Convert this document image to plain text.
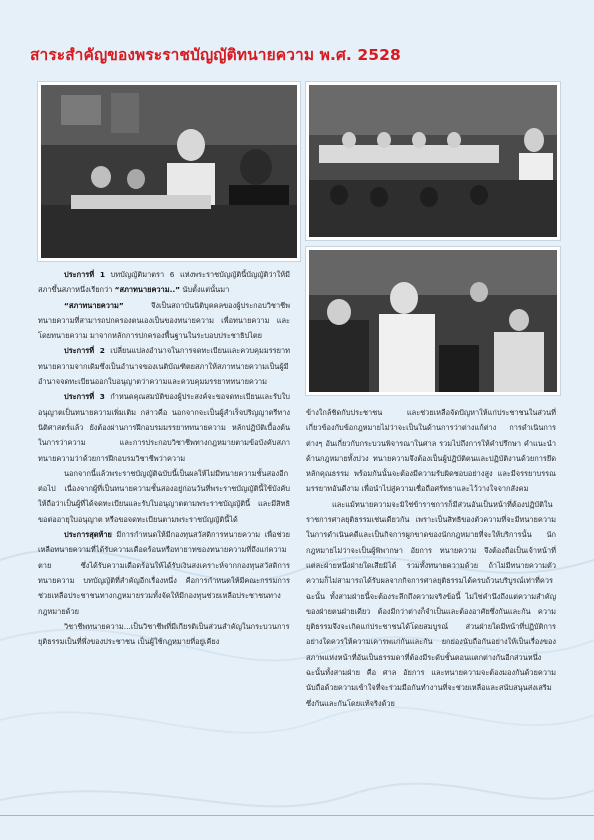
สาระสำคัญของพระราชบัญญัติทนายความ พ.ศ. 2528

ประการที่ 1 บทบัญญัติมาตรา 6 แห่งพระราชบัญญัตินี้บัญญัติว่าให้มีสภาขึ้นสภาหนึ่งเรียกว่า “สภาทนายความ..” นับตั้งแต่นั้นมา

“สภาทนายความ” จึงเป็นสถาบันนิติบุคคลของผู้ประกอบวิชาชีพทนายความที่สามารถปกครองตนเองเป็นของทนายความ เพื่อทนายความ และโดยทนายความ มาจากหลักการปกครองพื้นฐานในระบอบประชาธิปไตย

ประการที่ 2 เปลี่ยนแปลงอำนาจในการจดทะเบียนและควบคุมมรรยาททนายความจากเดิมซึ่งเป็นอำนาจของเนติบัณฑิตยสภาให้สภาทนายความเป็นผู้มีอำนาจจดทะเบียนออกใบอนุญาตว่าความและควบคุมมรรยาททนายความ

ประการที่ 3 กำหนดคุณสมบัติของผู้ประสงค์จะขอจดทะเบียนและรับใบอนุญาตเป็นทนายความเพิ่มเติม กล่าวคือ นอกจากจะเป็นผู้สำเร็จปริญญาตรีทางนิติศาสตร์แล้ว ยังต้องผ่านการฝึกอบรมมรรยาททนายความ หลักปฏิบัติเบื้องต้นในการว่าความ และการประกอบวิชาชีพทางกฎหมายตามข้อบังคับสภาทนายความว่าด้วยการฝึกอบรมวิชาชีพว่าความ

นอกจากนี้แล้วพระราชบัญญัติฉบับนี้เป็นผลให้ไม่มีทนายความชั้นสองอีกต่อไป เนื่องจากผู้ที่เป็นทนายความชั้นสองอยู่ก่อนวันที่พระราชบัญญัตินี้ใช้บังคับให้ถือว่าเป็นผู้ที่ได้จดทะเบียนและรับใบอนุญาตตามพระราชบัญญัตินี้ และมีสิทธิขอต่ออายุใบอนุญาต หรือขอจดทะเบียนตามพระราชบัญญัตินี้ได้

ประการสุดท้าย มีการกำหนดให้มีกองทุนสวัสดิการทนายความ เพื่อช่วยเหลือทนายความที่ได้รับความเดือดร้อนหรือทายาทของทนายความที่ถึงแก่ความตาย ซึ่งได้รับความเดือดร้อนให้ได้รับเงินสงเคราะห์จากกองทุนสวัสดิการทนายความ บทบัญญัติที่สำคัญอีกเรื่องหนึ่ง คือการกำหนดให้มีคณะกรรมการช่วยเหลือประชาชนทางกฎหมายรวมทั้งจัดให้มีกองทุนช่วยเหลือประชาชนทางกฎหมายด้วย

วิชาชีพทนายความ...เป็นวิชาชีพที่มีเกียรติเป็นส่วนสำคัญในกระบวนการยุติธรรมเป็นที่พึ่งของประชาชน เป็นผู้ใช้กฎหมายที่อยู่เคียง

ข้างใกล้ชิดกับประชาชน และช่วยเหลือจัดปัญหาให้แก่ประชาชนในส่วนที่เกี่ยวข้องกับข้อกฎหมายไม่ว่าจะเป็นในด้านการว่าต่างแก้ต่าง การดำเนินการต่างๆ อันเกี่ยวกับกระบวนพิจารณาในศาล รวมไปถึงการให้คำปรึกษา คำแนะนำด้านกฎหมายทั้งปวง ทนายความจึงต้องเป็นผู้ปฏิบัติตนและปฏิบัติงานด้วยการยึดหลักคุณธรรม พร้อมกันนั้นจะต้องมีความรับผิดชอบอย่างสูง และมีจรรยาบรรณมรรยาทอันดีงาม เพื่อนำไปสู่ความเชื่อถือศรัทธาและไว้วางใจจากสังคม

และแม้ทนายความจะมิใช่ข้าราชการก็มีส่วนอันเป็นหน้าที่ต้องปฏิบัติในราชการศาลยุติธรรมเช่นเดียวกัน เพราะเป็นสิทธิของตัวความที่จะมีทนายความในการดำเนินคดีและเป็นกิจการผูกขาดของนักกฎหมายที่จะให้บริการนั้น นักกฎหมายไม่ว่าจะเป็นผู้พิพากษา อัยการ ทนายความ จึงต้องถือเป็นเจ้าหน้าที่แต่ละฝ่ายหนึ่งฝ่ายใดเสียมิได้ รวมทั้งทนายความด้วย ถ้าไม่มีทนายความตัวความก็ไม่สามารถได้รับผลจากกิจการศาลยุติธรรมได้ครบถ้วนบริบูรณ์เท่าที่ควร ฉะนั้น ทั้งสามฝ่ายนี้จะต้องระลึกถึงความจริงข้อนี้ ไม่ใช่คำนึงถึงแต่ความสำคัญของฝ่ายตนฝ่ายเดียว ต้องมีกว่าต่างก็จำเป็นและต้องอาศัยซึ่งกันและกัน ความยุติธรรมจึงจะเกิดแก่ประชาชนได้โดยสมบูรณ์ ส่วนฝ่ายใดมีหน้าที่ปฏิบัติการอย่างใดควรให้ความเคารพแก่กันและกัน ยกย่องนับถือกันอย่างให้เป็นเรื่องของสภาพแห่งหน้าที่อันเป็นธรรมดาที่ต้องมีระดับชั้นตอนแตกต่างกันอีกส่วนหนึ่ง ฉะนั้นทั้งสามฝ่าย คือ ศาล อัยการ และทนายความจะต้องมองกันด้วยความนับถือด้วยความเข้าใจที่จะร่วมมือกันทำงานที่จะช่วยเหลือและสนับสนุนส่งเสริมซึ่งกันและกันโดยแท้จริงด้วย
